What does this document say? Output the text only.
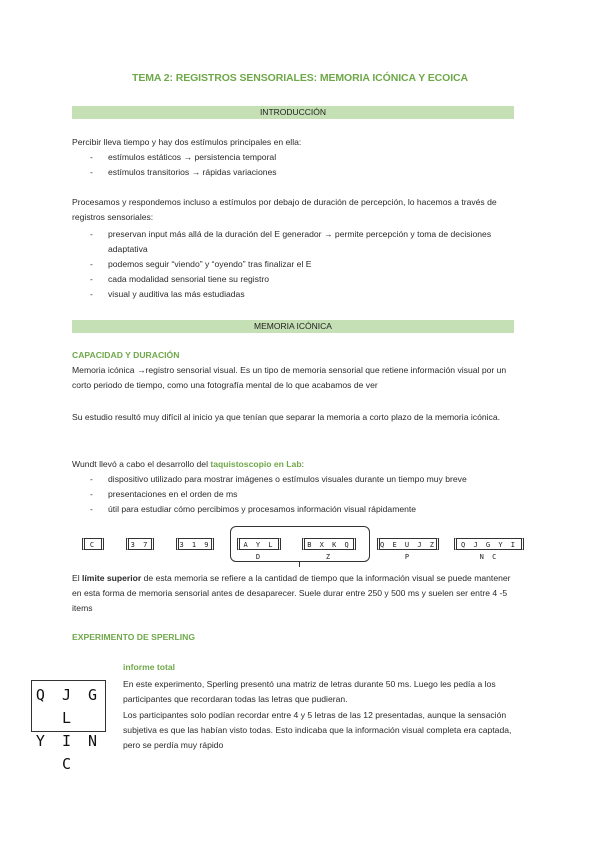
TEMA 2: REGISTROS SENSORIALES: MEMORIA ICÓNICA Y ECOICA
INTRODUCCIÓN
Percibir lleva tiempo y hay dos estímulos principales en ella:
- estímulos estáticos → persistencia temporal
- estímulos transitorios → rápidas variaciones
Procesamos y respondemos incluso a estímulos por debajo de duración de percepción, lo hacemos a través de registros sensoriales:
- preservan input más allá de la duración del E generador → permite percepción y toma de decisiones adaptativa
- podemos seguir “viendo” y “oyendo” tras finalizar el E
- cada modalidad sensorial tiene su registro
- visual y auditiva las más estudiadas
MEMORIA ICÓNICA
CAPACIDAD Y DURACIÓN
Memoria icónica →registro sensorial visual. Es un tipo de memoria sensorial que retiene información visual por un corto periodo de tiempo, como una fotografía mental de lo que acabamos de ver
Su estudio resultó muy difícil al inicio ya que tenían que separar la memoria a corto plazo de la memoria icónica.
Wundt llevó a cabo el desarrollo del taquistoscopio en Lab:
- dispositivo utilizado para mostrar imágenes o estímulos visuales durante un tiempo muy breve
- presentaciones en el orden de ms
- útil para estudiar cómo percibimos y procesamos información visual rápidamente
C	3 7	3 1 9	A Y L D
B X K Q Z
Q E U J Z P
Q J G Y I N C
El límite superior de esta memoria se refiere a la cantidad de tiempo que la información visual se puede mantener en esta forma de memoria sensorial antes de desaparecer. Suele durar entre 250 y 500 ms y suelen ser entre 4 -5 items
EXPERIMENTO DE SPERLING
Q J G L
Y I N C
informe total
En este experimento, Sperling presentó una matriz de letras durante 50 ms. Luego les pedía a los participantes que recordaran todas las letras que pudieran.
Los participantes solo podían recordar entre 4 y 5 letras de las 12 presentadas, aunque la sensación subjetiva es que las habían visto todas. Esto indicaba que la información visual completa era captada, pero se perdía muy rápido
